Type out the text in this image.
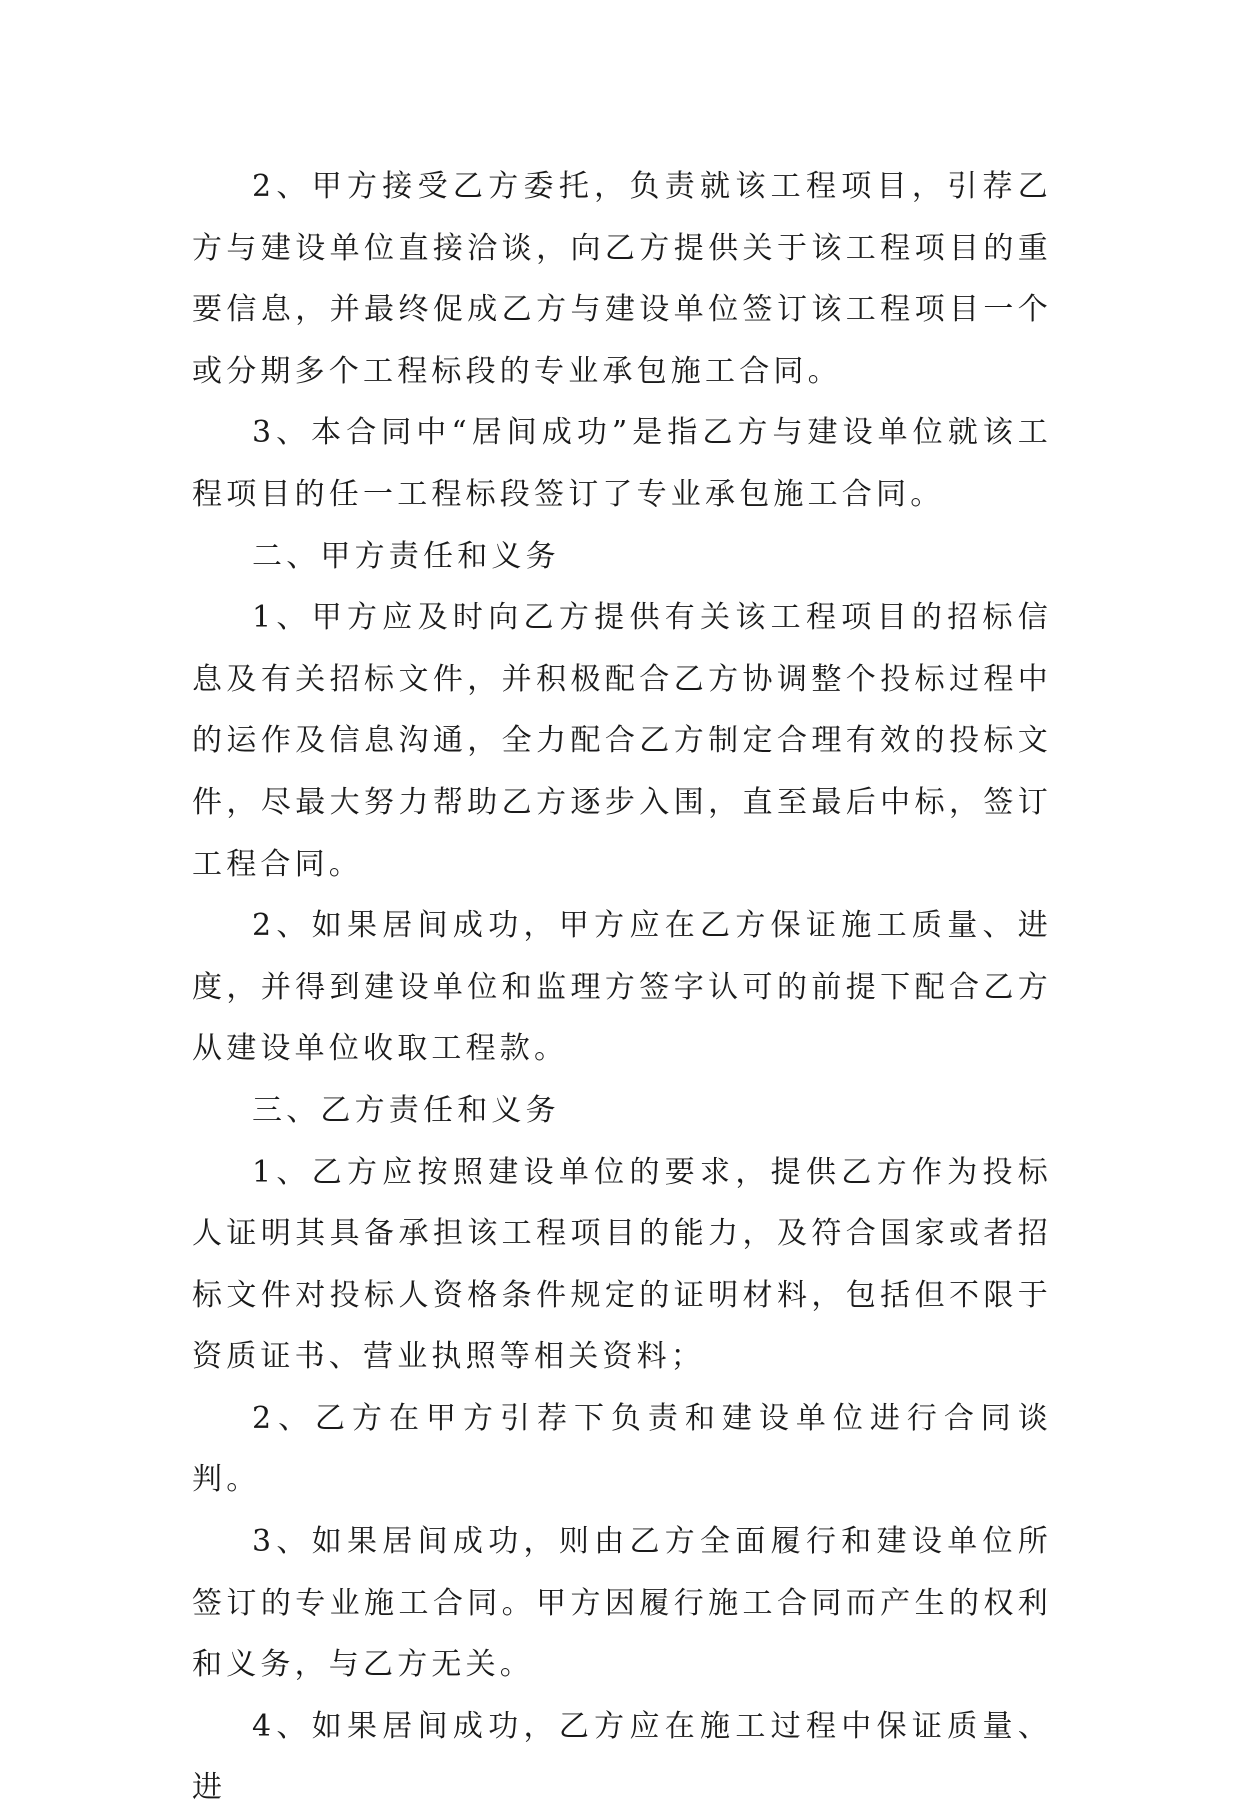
2、甲方接受乙方委托，负责就该工程项目，引荐乙方与建设单位直接洽谈，向乙方提供关于该工程项目的重要信息，并最终促成乙方与建设单位签订该工程项目一个或分期多个工程标段的专业承包施工合同。

3、本合同中“居间成功”是指乙方与建设单位就该工程项目的任一工程标段签订了专业承包施工合同。

二、甲方责任和义务

1、甲方应及时向乙方提供有关该工程项目的招标信息及有关招标文件，并积极配合乙方协调整个投标过程中的运作及信息沟通，全力配合乙方制定合理有效的投标文件，尽最大努力帮助乙方逐步入围，直至最后中标，签订工程合同。

2、如果居间成功，甲方应在乙方保证施工质量、进度，并得到建设单位和监理方签字认可的前提下配合乙方从建设单位收取工程款。

三、乙方责任和义务

1、乙方应按照建设单位的要求，提供乙方作为投标人证明其具备承担该工程项目的能力，及符合国家或者招标文件对投标人资格条件规定的证明材料，包括但不限于资质证书、营业执照等相关资料；

2、乙方在甲方引荐下负责和建设单位进行合同谈判。

3、如果居间成功，则由乙方全面履行和建设单位所签订的专业施工合同。甲方因履行施工合同而产生的权利和义务，与乙方无关。

4、如果居间成功，乙方应在施工过程中保证质量、进
